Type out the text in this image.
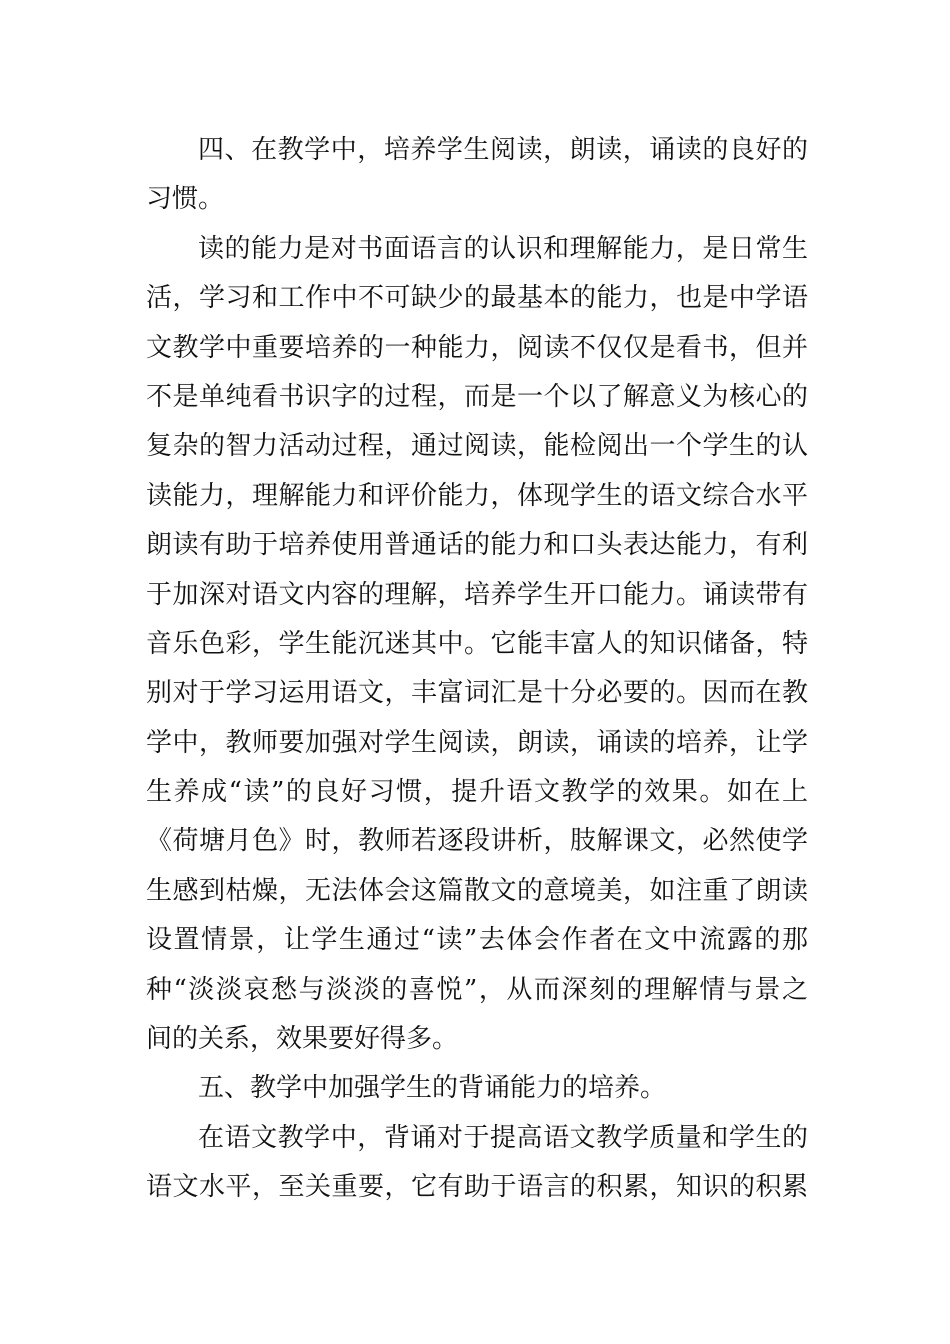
四、在教学中，培养学生阅读，朗读，诵读的良好的
习惯。
读的能力是对书面语言的认识和理解能力，是日常生
活，学习和工作中不可缺少的最基本的能力，也是中学语
文教学中重要培养的一种能力，阅读不仅仅是看书，但并
不是单纯看书识字的过程，而是一个以了解意义为核心的
复杂的智力活动过程，通过阅读，能检阅出一个学生的认
读能力，理解能力和评价能力，体现学生的语文综合水平
朗读有助于培养使用普通话的能力和口头表达能力，有利
于加深对语文内容的理解，培养学生开口能力。诵读带有
音乐色彩，学生能沉迷其中。它能丰富人的知识储备，特
别对于学习运用语文，丰富词汇是十分必要的。因而在教
学中，教师要加强对学生阅读，朗读，诵读的培养，让学
生养成“读”的良好习惯，提升语文教学的效果。如在上
《荷塘月色》时，教师若逐段讲析，肢解课文，必然使学
生感到枯燥，无法体会这篇散文的意境美，如注重了朗读
设置情景，让学生通过“读”去体会作者在文中流露的那
种“淡淡哀愁与淡淡的喜悦”，从而深刻的理解情与景之
间的关系，效果要好得多。
五、教学中加强学生的背诵能力的培养。
在语文教学中，背诵对于提高语文教学质量和学生的
语文水平，至关重要，它有助于语言的积累，知识的积累
